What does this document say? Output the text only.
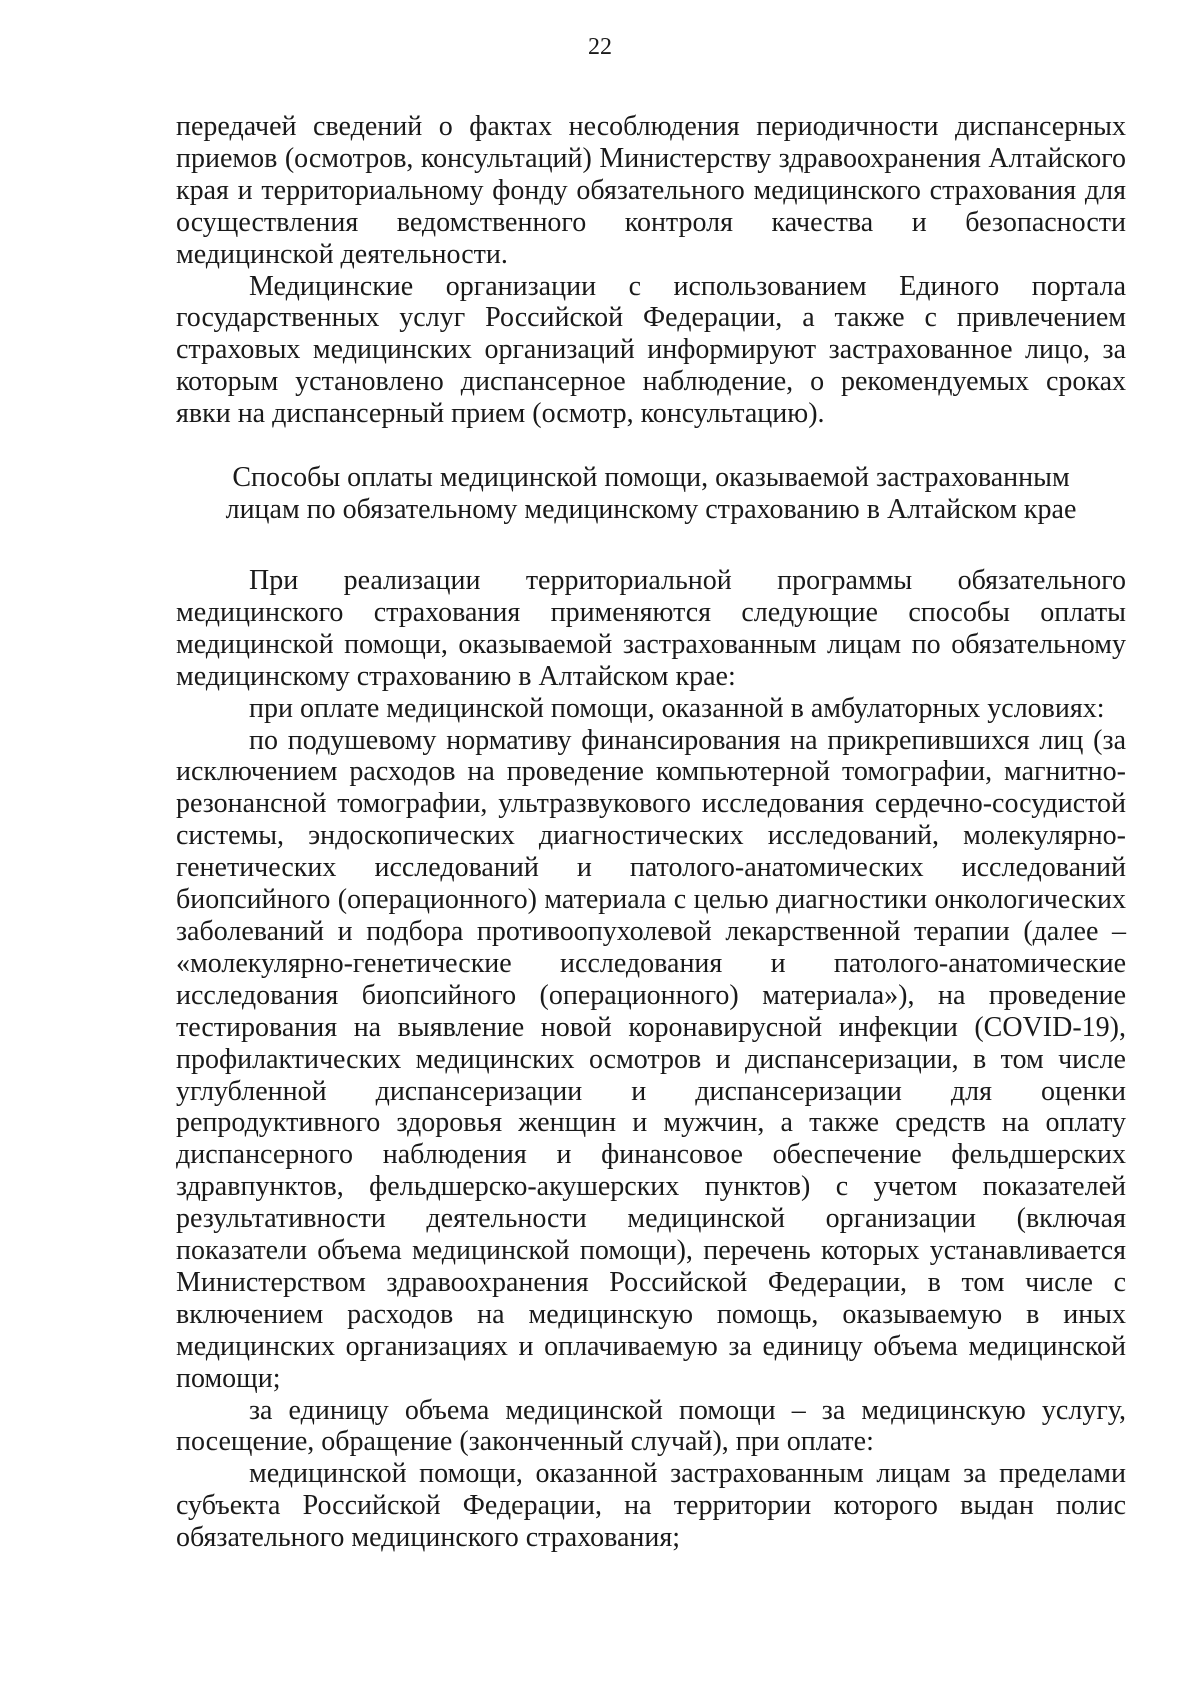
22

передачей сведений о фактах несоблюдения периодичности диспансерных приемов (осмотров, консультаций) Министерству здравоохранения Алтайского края и территориальному фонду обязательного медицинского страхования для осуществления ведомственного контроля качества и безопасности медицинской деятельности.

Медицинские организации с использованием Единого портала государственных услуг Российской Федерации, а также с привлечением страховых медицинских организаций информируют застрахованное лицо, за которым установлено диспансерное наблюдение, о рекомендуемых сроках явки на диспансерный прием (осмотр, консультацию).

Способы оплаты медицинской помощи, оказываемой застрахованным
лицам по обязательному медицинскому страхованию в Алтайском крае

При реализации территориальной программы обязательного медицинского страхования применяются следующие способы оплаты медицинской помощи, оказываемой застрахованным лицам по обязательному медицинскому страхованию в Алтайском крае:

при оплате медицинской помощи, оказанной в амбулаторных условиях:

по подушевому нормативу финансирования на прикрепившихся лиц (за исключением расходов на проведение компьютерной томографии, магнитно-резонансной томографии, ультразвукового исследования сердечно-сосудистой системы, эндоскопических диагностических исследований, молекулярно-генетических исследований и патолого-анатомических исследований биопсийного (операционного) материала с целью диагностики онкологических заболеваний и подбора противоопухолевой лекарственной терапии (далее – «молекулярно-генетические исследования и патолого-анатомические исследования биопсийного (операционного) материала»), на проведение тестирования на выявление новой коронавирусной инфекции (COVID-19), профилактических медицинских осмотров и диспансеризации, в том числе углубленной диспансеризации и диспансеризации для оценки репродуктивного здоровья женщин и мужчин, а также средств на оплату диспансерного наблюдения и финансовое обеспечение фельдшерских здравпунктов, фельдшерско-акушерских пунктов) с учетом показателей результативности деятельности медицинской организации (включая показатели объема медицинской помощи), перечень которых устанавливается Министерством здравоохранения Российской Федерации, в том числе с включением расходов на медицинскую помощь, оказываемую в иных медицинских организациях и оплачиваемую за единицу объема медицинской помощи;

за единицу объема медицинской помощи – за медицинскую услугу, посещение, обращение (законченный случай), при оплате:

медицинской помощи, оказанной застрахованным лицам за пределами субъекта Российской Федерации, на территории которого выдан полис обязательного медицинского страхования;
